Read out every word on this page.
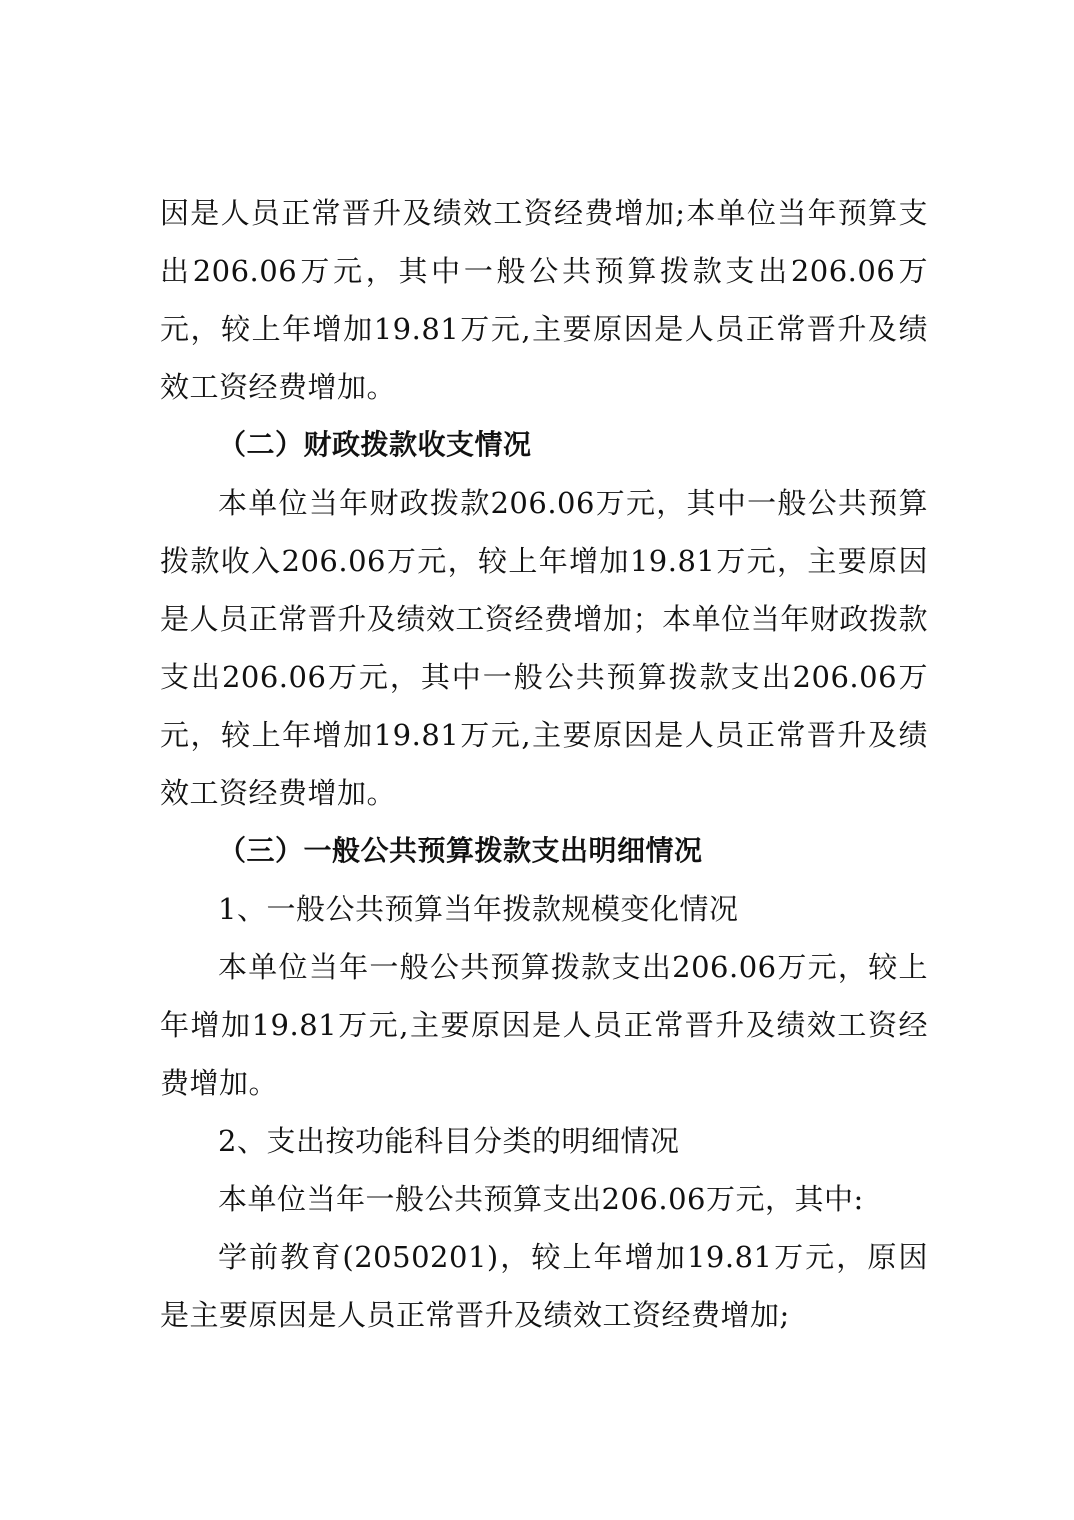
因是人员正常晋升及绩效工资经费增加;本单位当年预算支出206.06万元，其中一般公共预算拨款支出206.06万元，较上年增加19.81万元,主要原因是人员正常晋升及绩效工资经费增加。

（二）财政拨款收支情况

本单位当年财政拨款206.06万元，其中一般公共预算拨款收入206.06万元，较上年增加19.81万元，主要原因是人员正常晋升及绩效工资经费增加；本单位当年财政拨款支出206.06万元，其中一般公共预算拨款支出206.06万元，较上年增加19.81万元,主要原因是人员正常晋升及绩效工资经费增加。

（三）一般公共预算拨款支出明细情况

1、一般公共预算当年拨款规模变化情况

本单位当年一般公共预算拨款支出206.06万元，较上年增加19.81万元,主要原因是人员正常晋升及绩效工资经费增加。

2、支出按功能科目分类的明细情况

本单位当年一般公共预算支出206.06万元，其中:

学前教育(2050201)，较上年增加19.81万元，原因是主要原因是人员正常晋升及绩效工资经费增加;
